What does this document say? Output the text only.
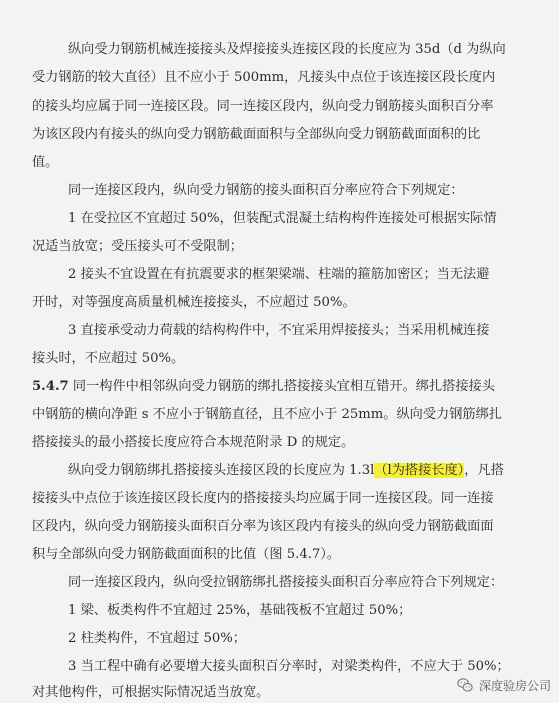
纵向受力钢筋机械连接接头及焊接接头连接区段的长度应为 35d（d 为纵向
受力钢筋的较大直径）且不应小于 500mm，凡接头中点位于该连接区段长度内
的接头均应属于同一连接区段。同一连接区段内，纵向受力钢筋接头面积百分率
为该区段内有接头的纵向受力钢筋截面面积与全部纵向受力钢筋截面面积的比
值。
同一连接区段内，纵向受力钢筋的接头面积百分率应符合下列规定：
1 在受拉区不宜超过 50%，但装配式混凝土结构构件连接处可根据实际情
况适当放宽；受压接头可不受限制；
2 接头不宜设置在有抗震要求的框架梁端、柱端的箍筋加密区；当无法避
开时，对等强度高质量机械连接接头，不应超过 50%。
3 直接承受动力荷载的结构构件中，不宜采用焊接接头；当采用机械连接
接头时，不应超过 50%。
5.4.7 同一构件中相邻纵向受力钢筋的绑扎搭接接头宜相互错开。绑扎搭接接头
中钢筋的横向净距 s 不应小于钢筋直径，且不应小于 25mm。纵向受力钢筋绑扎
搭接接头的最小搭接长度应符合本规范附录 D 的规定。
纵向受力钢筋绑扎搭接接头连接区段的长度应为 1.3l（l为搭接长度），凡搭
接接头中点位于该连接区段长度内的搭接接头均应属于同一连接区段。同一连接
区段内，纵向受力钢筋接头面积百分率为该区段内有接头的纵向受力钢筋截面面
积与全部纵向受力钢筋截面面积的比值（图 5.4.7）。
同一连接区段内，纵向受拉钢筋绑扎搭接接头面积百分率应符合下列规定：
1 梁、板类构件不宜超过 25%，基础筏板不宜超过 50%；
2 柱类构件，不宜超过 50%；
3 当工程中确有必要增大接头面积百分率时，对梁类构件，不应大于 50%；
对其他构件，可根据实际情况适当放宽。	深度验房公司
